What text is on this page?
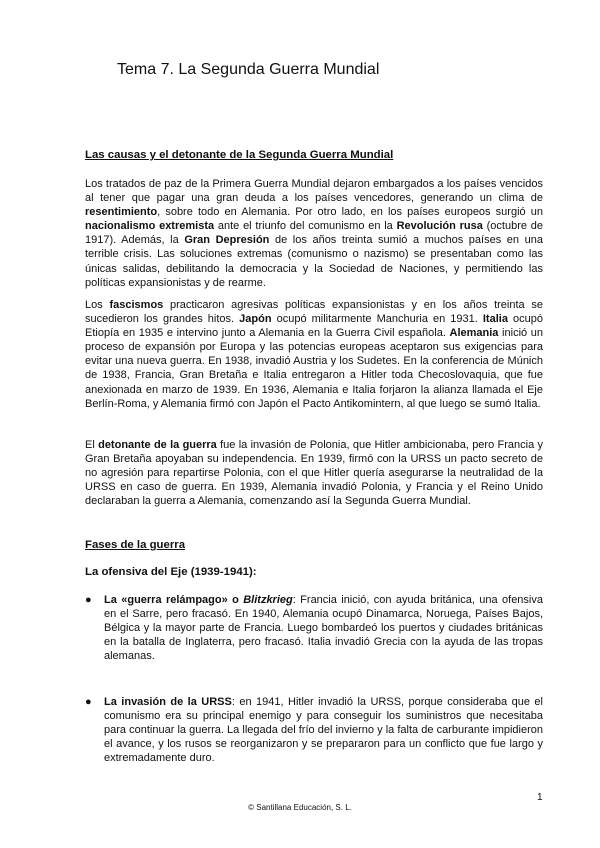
Tema 7. La Segunda Guerra Mundial
Las causas y el detonante de la Segunda Guerra Mundial

Los tratados de paz de la Primera Guerra Mundial dejaron embargados a los países vencidos al tener que pagar una gran deuda a los países vencedores, generando un clima de resentimiento, sobre todo en Alemania. Por otro lado, en los países europeos surgió un nacionalismo extremista ante el triunfo del comunismo en la Revolución rusa (octubre de 1917). Además, la Gran Depresión de los años treinta sumió a muchos países en una terrible crisis. Las soluciones extremas (comunismo o nazismo) se presentaban como las únicas salidas, debilitando la democracia y la Sociedad de Naciones, y permitiendo las políticas expansionistas y de rearme.

Los fascismos practicaron agresivas políticas expansionistas y en los años treinta se sucedieron los grandes hitos. Japón ocupó militarmente Manchuria en 1931. Italia ocupó Etiopía en 1935 e intervino junto a Alemania en la Guerra Civil española. Alemania inició un proceso de expansión por Europa y las potencias europeas aceptaron sus exigencias para evitar una nueva guerra. En 1938, invadió Austria y los Sudetes. En la conferencia de Múnich de 1938, Francia, Gran Bretaña e Italia entregaron a Hitler toda Checoslovaquia, que fue anexionada en marzo de 1939. En 1936, Alemania e Italia forjaron la alianza llamada el Eje Berlín-Roma, y Alemania firmó con Japón el Pacto Antikomintern, al que luego se sumó Italia.

El detonante de la guerra fue la invasión de Polonia, que Hitler ambicionaba, pero Francia y Gran Bretaña apoyaban su independencia. En 1939, firmó con la URSS un pacto secreto de no agresión para repartirse Polonia, con el que Hitler quería asegurarse la neutralidad de la URSS en caso de guerra. En 1939, Alemania invadió Polonia, y Francia y el Reino Unido declaraban la guerra a Alemania, comenzando así la Segunda Guerra Mundial.

Fases de la guerra
La ofensiva del Eje (1939-1941):
● La «guerra relámpago» o Blitzkrieg: Francia inició, con ayuda británica, una ofensiva en el Sarre, pero fracasó. En 1940, Alemania ocupó Dinamarca, Noruega, Países Bajos, Bélgica y la mayor parte de Francia. Luego bombardeó los puertos y ciudades británicas en la batalla de Inglaterra, pero fracasó. Italia invadió Grecia con la ayuda de las tropas alemanas.
● La invasión de la URSS: en 1941, Hitler invadió la URSS, porque consideraba que el comunismo era su principal enemigo y para conseguir los suministros que necesitaba para continuar la guerra. La llegada del frío del invierno y la falta de carburante impidieron el avance, y los rusos se reorganizaron y se prepararon para un conflicto que fue largo y extremadamente duro.
1
© Santillana Educación, S. L.
